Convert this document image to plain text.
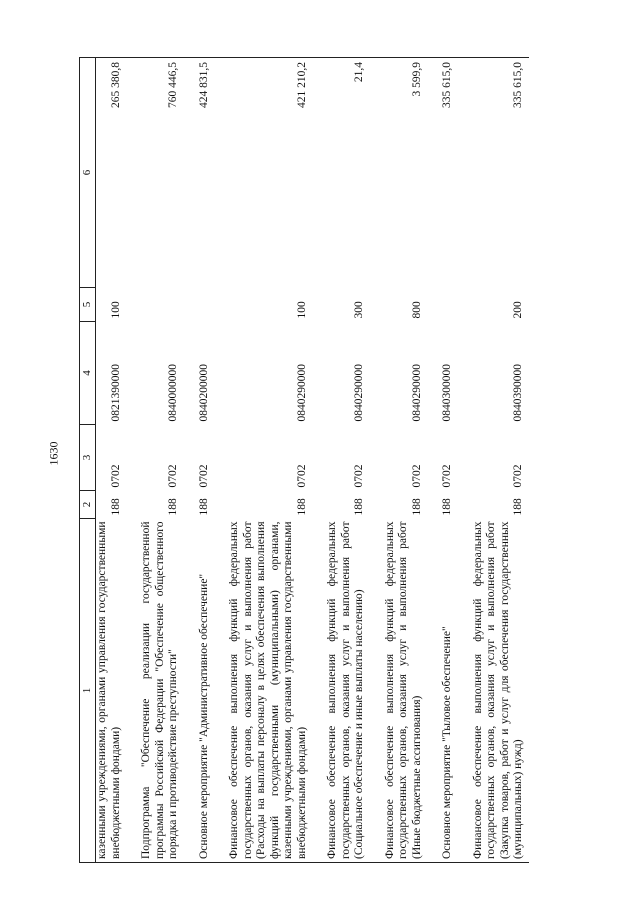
1630
1	2	3	4	5	6
казенными учреждениями, органами управления государственными внебюджетными фондами)	188	0702	0821390000	100	265 380,8

Подпрограмма "Обеспечение реализации государственной программы Российской Федерации "Обеспечение общественного порядка и противодействие преступности"	188	0702	0840000000		760 446,5

Основное мероприятие "Административное обеспечение"	188	0702	0840200000		424 831,5

Финансовое обеспечение выполнения функций федеральных государственных органов, оказания услуг и выполнения работ (Расходы на выплаты персоналу в целях обеспечения выполнения функций государственными (муниципальными) органами, казенными учреждениями, органами управления государственными внебюджетными фондами)	188	0702	0840290000	100	421 210,2

Финансовое обеспечение выполнения функций федеральных государственных органов, оказания услуг и выполнения работ (Социальное обеспечение и иные выплаты населению)	188	0702	0840290000	300	21,4

Финансовое обеспечение выполнения функций федеральных государственных органов, оказания услуг и выполнения работ (Иные бюджетные ассигнования)	188	0702	0840290000	800	3 599,9

Основное мероприятие "Тыловое обеспечение"	188	0702	0840300000		335 615,0

Финансовое обеспечение выполнения функций федеральных государственных органов, оказания услуг и выполнения работ (Закупка товаров, работ и услуг для обеспечения государственных (муниципальных) нужд)	188	0702	0840390000	200	335 615,0
